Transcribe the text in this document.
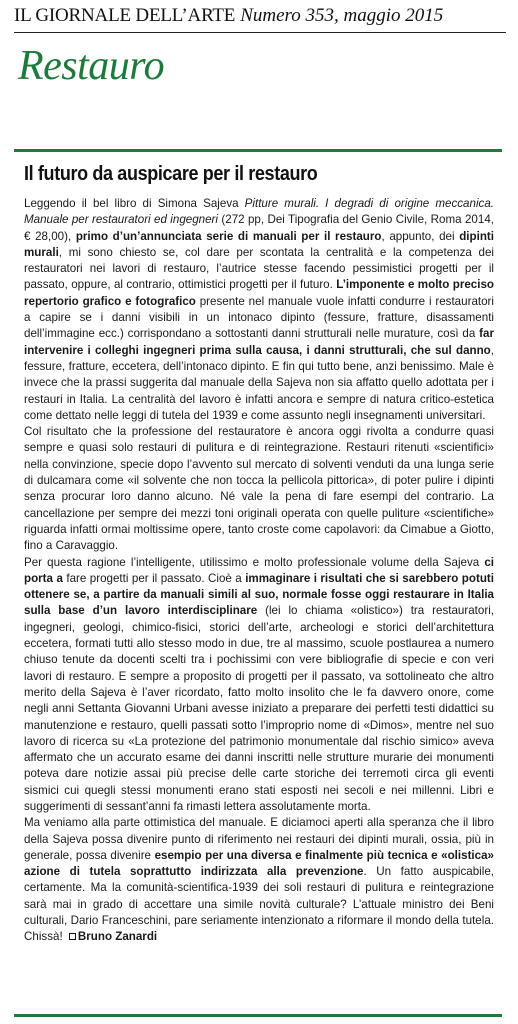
IL GIORNALE DELL’ARTE Numero 353, maggio 2015
Restauro
Il futuro da auspicare per il restauro

Leggendo il bel libro di Simona Sajeva Pitture murali. I degradi di origine meccanica. Manuale per restauratori ed ingegneri (272 pp, Dei Tipografia del Genio Civile, Roma 2014, € 28,00), primo d’un’annunciata serie di manuali per il restauro, appunto, dei dipinti murali, mi sono chiesto se, col dare per scontata la centralità e la competenza dei restauratori nei lavori di restauro, l’autrice stesse facendo pessimistici progetti per il passato, oppure, al contrario, ottimistici progetti per il futuro. L’imponente e molto preciso repertorio grafico e fotografico presente nel manuale vuole infatti condurre i restauratori a capire se i danni visibili in un intonaco dipinto (fessure, fratture, disassamenti dell’immagine ecc.) corrispondano a sottostanti danni strutturali nelle murature, così da far intervenire i colleghi ingegneri prima sulla causa, i danni strutturali, che sul danno, fessure, fratture, eccetera, dell’intonaco dipinto. E fin qui tutto bene, anzi benissimo. Male è invece che la prassi suggerita dal manuale della Sajeva non sia affatto quello adottata per i restauri in Italia. La centralità del lavoro è infatti ancora e sempre di natura critico-estetica come dettato nelle leggi di tutela del 1939 e come assunto negli insegnamenti universitari.

Col risultato che la professione del restauratore è ancora oggi rivolta a condurre quasi sempre e quasi solo restauri di pulitura e di reintegrazione. Restauri ritenuti «scientifici» nella convinzione, specie dopo l’avvento sul mercato di solventi venduti da una lunga serie di dulcamara come «il solvente che non tocca la pellicola pittorica», di poter pulire i dipinti senza procurar loro danno alcuno. Né vale la pena di fare esempi del contrario. La cancellazione per sempre dei mezzi toni originali operata con quelle puliture «scientifiche» riguarda infatti ormai moltissime opere, tanto croste come capolavori: da Cimabue a Giotto, fino a Caravaggio.

Per questa ragione l’intelligente, utilissimo e molto professionale volume della Sajeva ci porta a fare progetti per il passato. Cioè a immaginare i risultati che si sarebbero potuti ottenere se, a partire da manuali simili al suo, normale fosse oggi restaurare in Italia sulla base d’un lavoro interdisciplinare (lei lo chiama «olistico») tra restauratori, ingegneri, geologi, chimico-fisici, storici dell’arte, archeologi e storici dell’architettura eccetera, formati tutti allo stesso modo in due, tre al massimo, scuole postlaurea a numero chiuso tenute da docenti scelti tra i pochissimi con vere bibliografie di specie e con veri lavori di restauro. E sempre a proposito di progetti per il passato, va sottolineato che altro merito della Sajeva è l’aver ricordato, fatto molto insolito che le fa davvero onore, come negli anni Settanta Giovanni Urbani avesse iniziato a preparare dei perfetti testi didattici su manutenzione e restauro, quelli passati sotto l’improprio nome di «Dimos», mentre nel suo lavoro di ricerca su «La protezione del patrimonio monumentale dal rischio simico» aveva affermato che un accurato esame dei danni inscritti nelle strutture murarie dei monumenti poteva dare notizie assai più precise delle carte storiche dei terremoti circa gli eventi sismici cui quegli stessi monumenti erano stati esposti nei secoli e nei millenni. Libri e suggerimenti di sessant’anni fa rimasti lettera assolutamente morta.

Ma veniamo alla parte ottimistica del manuale. E diciamoci aperti alla speranza che il libro della Sajeva possa divenire punto di riferimento nei restauri dei dipinti murali, ossia, più in generale, possa divenire esempio per una diversa e finalmente più tecnica e «olistica» azione di tutela soprattutto indirizzata alla prevenzione. Un fatto auspicabile, certamente. Ma la comunità-scientifica-1939 dei soli restauri di pulitura e reintegrazione sarà mai in grado di accettare una simile novità culturale? L’attuale ministro dei Beni culturali, Dario Franceschini, pare seriamente intenzionato a riformare il mondo della tutela. Chissà! Bruno Zanardi
